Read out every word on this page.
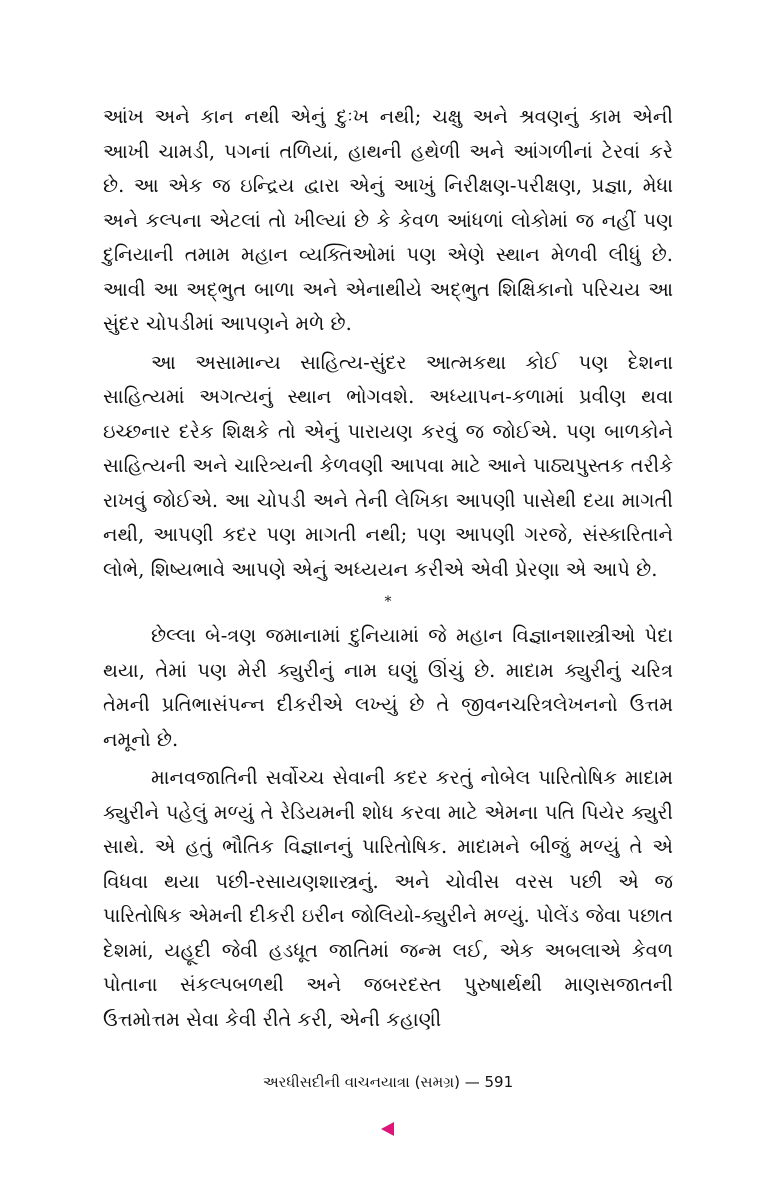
આંખ અને કાન નથી એનું દુઃખ નથી; ચક્ષુ અને શ્રવણનું કામ એની આખી ચામડી, પગનાં તળિયાં, હાથની હથેળી અને આંગળીનાં ટેરવાં કરે છે. આ એક જ ઇન્દ્રિય દ્વારા એનું આખું નિરીક્ષણ-પરીક્ષણ, પ્રજ્ઞા, મેધા અને કલ્પના એટલાં તો ખીલ્યાં છે કે કેવળ આંધળાં લોકોમાં જ નહીં પણ દુનિયાની તમામ મહાન વ્યક્તિઓમાં પણ એણે સ્થાન મેળવી લીધું છે. આવી આ અદ્ભુત બાળા અને એનાથીયે અદ્ભુત શિક્ષિકાનો પરિચય આ સુંદર ચોપડીમાં આપણને મળે છે.

આ અસામાન્ય સાહિત્ય-સુંદર આત્મકથા કોઈ પણ દેશના સાહિત્યમાં અગત્યનું સ્થાન ભોગવશે. અધ્યાપન-કળામાં પ્રવીણ થવા ઇચ્છનાર દરેક શિક્ષકે તો એનું પારાયણ કરવું જ જોઈએ. પણ બાળકોને સાહિત્યની અને ચારિત્ર્યની કેળવણી આપવા માટે આને પાઠ્યપુસ્તક તરીકે રાખવું જોઈએ. આ ચોપડી અને તેની લેખિકા આપણી પાસેથી દયા માગતી નથી, આપણી કદર પણ માગતી નથી; પણ આપણી ગરજે, સંસ્કારિતાને લોભે, શિષ્યભાવે આપણે એનું અધ્યયન કરીએ એવી પ્રેરણા એ આપે છે.

*

છેલ્લા બે-ત્રણ જમાનામાં દુનિયામાં જે મહાન વિજ્ઞાનશાસ્ત્રીઓ પેદા થયા, તેમાં પણ મેરી ક્યુરીનું નામ ઘણું ઊંચું છે. માદામ ક્યુરીનું ચરિત્ર તેમની પ્રતિભાસંપન્ન દીકરીએ લખ્યું છે તે જીવનચરિત્રલેખનનો ઉત્તમ નમૂનો છે.

માનવજાતિની સર્વોચ્ચ સેવાની કદર કરતું નોબેલ પારિતોષિક માદામ ક્યુરીને પહેલું મળ્યું તે રેડિયમની શોધ કરવા માટે એમના પતિ પિયેર ક્યુરી સાથે. એ હતું ભૌતિક વિજ્ઞાનનું પારિતોષિક. માદામને બીજું મળ્યું તે એ વિધવા થયા પછી-રસાયણશાસ્ત્રનું. અને ચોવીસ વરસ પછી એ જ પારિતોષિક એમની દીકરી ઇરીન જોલિયો-ક્યુરીને મળ્યું. પોલેંડ જેવા પછાત દેશમાં, યહૂદી જેવી હડધૂત જાતિમાં જન્મ લઈ, એક અબલાએ કેવળ પોતાના સંકલ્પબળથી અને જબરદસ્ત પુરુષાર્થથી માણસજાતની ઉત્તમોત્તમ સેવા કેવી રીતે કરી, એની કહાણી

અરધીસદીની વાચનયાત્રા (સમગ્ર) — 591
